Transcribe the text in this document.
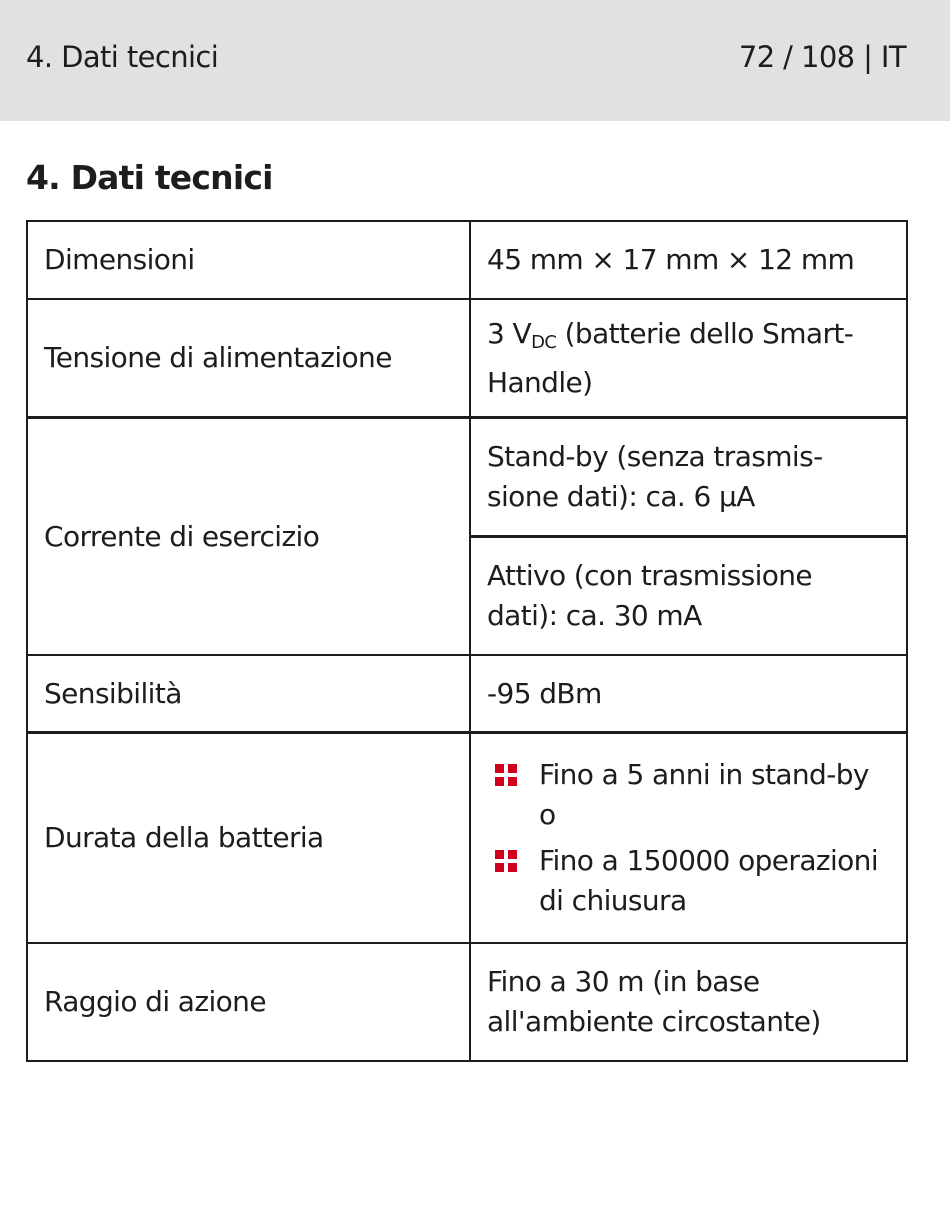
4. Dati tecnici	72 / 108 | IT
4. Dati tecnici
Dimensioni	45 mm × 17 mm × 12 mm
Tensione di alimentazione	3 $V_{DC}$ (batterie dello Smart-Handle)
Corrente di esercizio	Stand-by (senza trasmis-sione dati): ca. 6 μA
	Attivo (con trasmissione dati): ca. 30 mA
Sensibilità	-95 dBm
Durata della batteria	Fino a 5 anni in stand-by o
Fino a 150000 operazioni di chiusura

Raggio di azione	Fino a 30 m (in base all'ambiente circostante)
